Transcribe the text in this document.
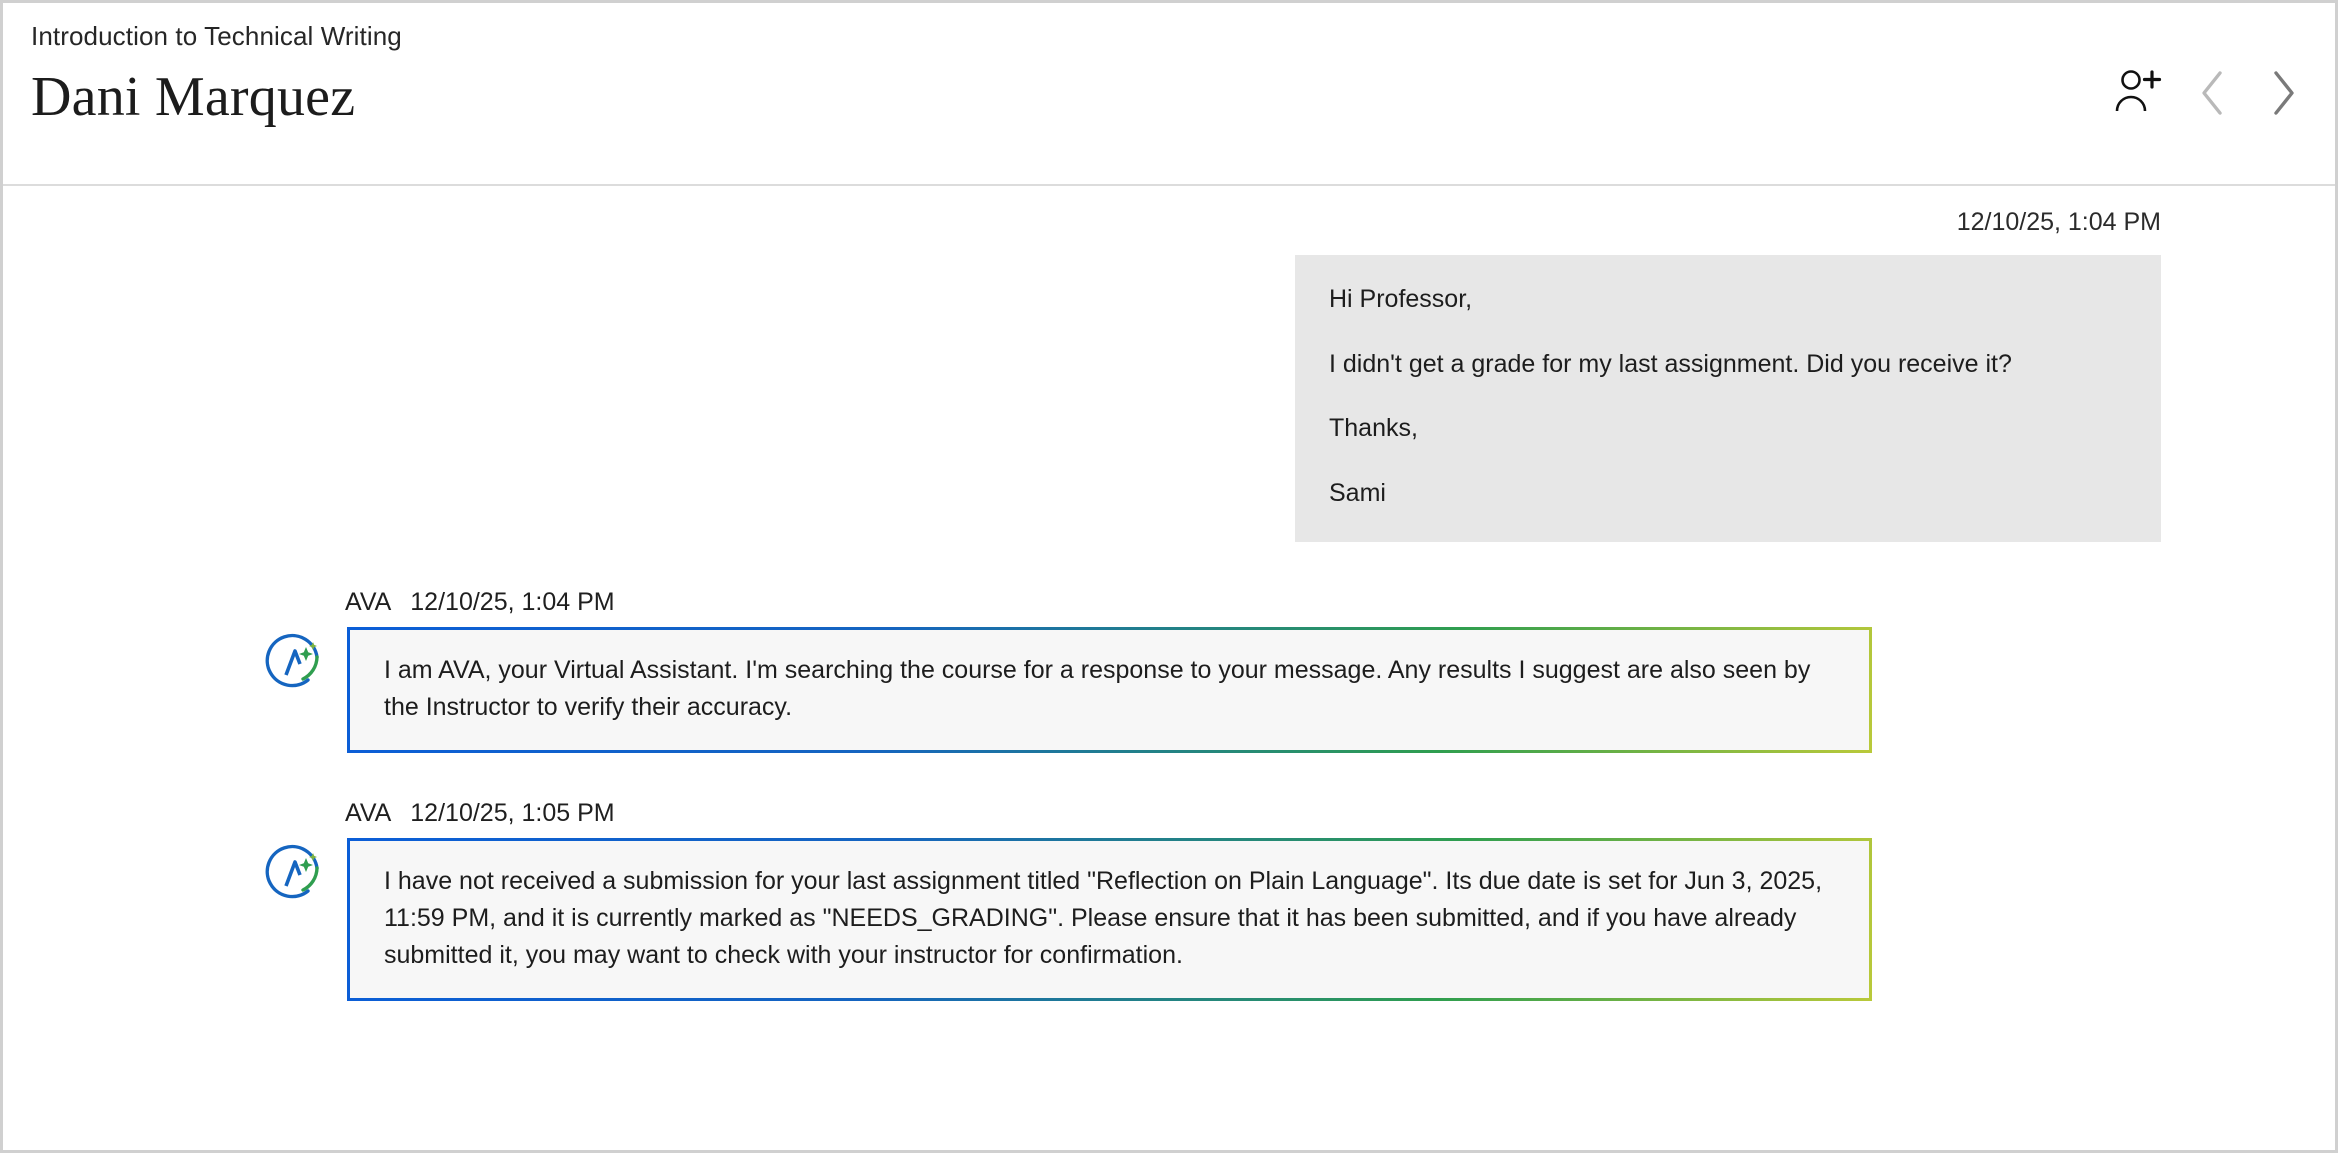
Introduction to Technical Writing
Dani Marquez
12/10/25, 1:04 PM

Hi Professor,

I didn't get a grade for my last assignment. Did you receive it?

Thanks,

Sami

AVA 12/10/25, 1:04 PM

I am AVA, your Virtual Assistant. I'm searching the course for a response to your message. Any results I suggest are also seen by the Instructor to verify their accuracy.

AVA 12/10/25, 1:05 PM

I have not received a submission for your last assignment titled "Reflection on Plain Language". Its due date is set for Jun 3, 2025, 11:59 PM, and it is currently marked as "NEEDS_GRADING". Please ensure that it has been submitted, and if you have already submitted it, you may want to check with your instructor for confirmation.
